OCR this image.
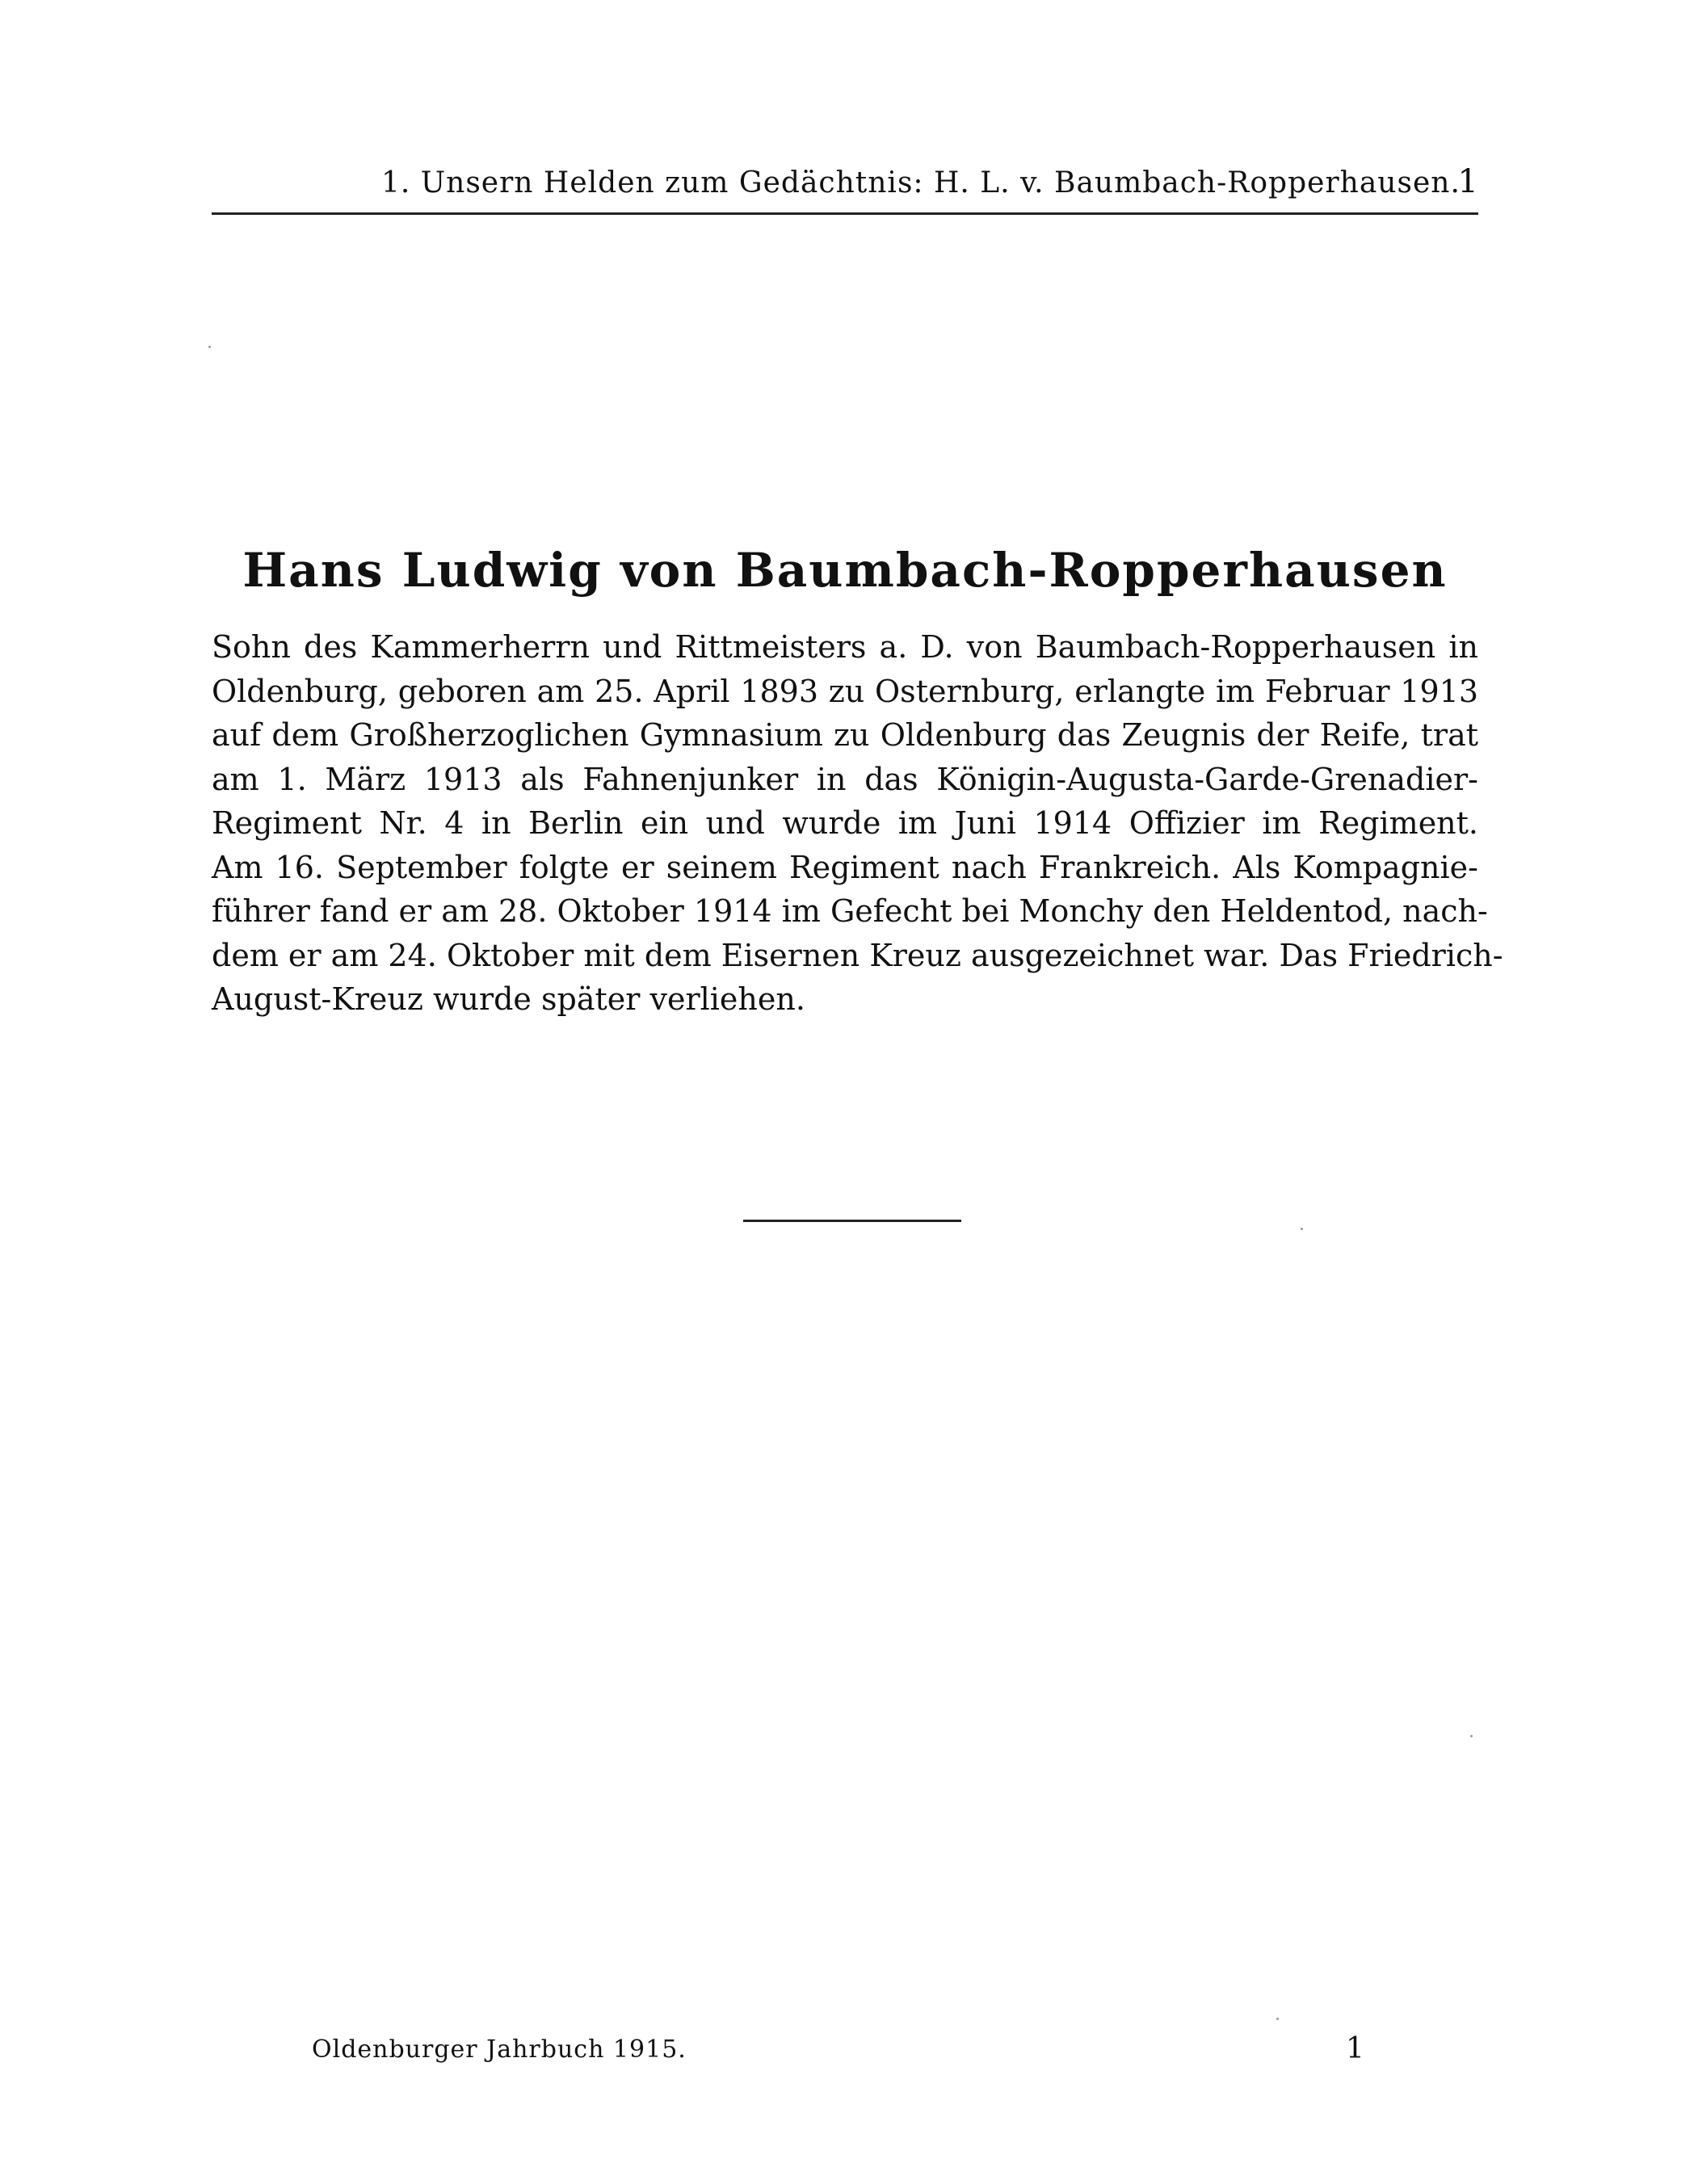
1. Unsern Helden zum Gedächtnis: H. L. v. Baumbach-Ropperhausen.
1
Hans Ludwig von Baumbach-Ropperhausen
Sohn des Kammerherrn und Rittmeisters a. D. von Baumbach-Ropperhausen in
Oldenburg, geboren am 25. April 1893 zu Osternburg, erlangte im Februar 1913
auf dem Großherzoglichen Gymnasium zu Oldenburg das Zeugnis der Reife, trat
am 1. März 1913 als Fahnenjunker in das Königin-Augusta-Garde-Grenadier-
Regiment Nr. 4 in Berlin ein und wurde im Juni 1914 Offizier im Regiment.
Am 16. September folgte er seinem Regiment nach Frankreich. Als Kompagnie-
führer fand er am 28. Oktober 1914 im Gefecht bei Monchy den Heldentod, nach-
dem er am 24. Oktober mit dem Eisernen Kreuz ausgezeichnet war. Das Friedrich-
August-Kreuz wurde später verliehen.
Oldenburger Jahrbuch 1915.	1
